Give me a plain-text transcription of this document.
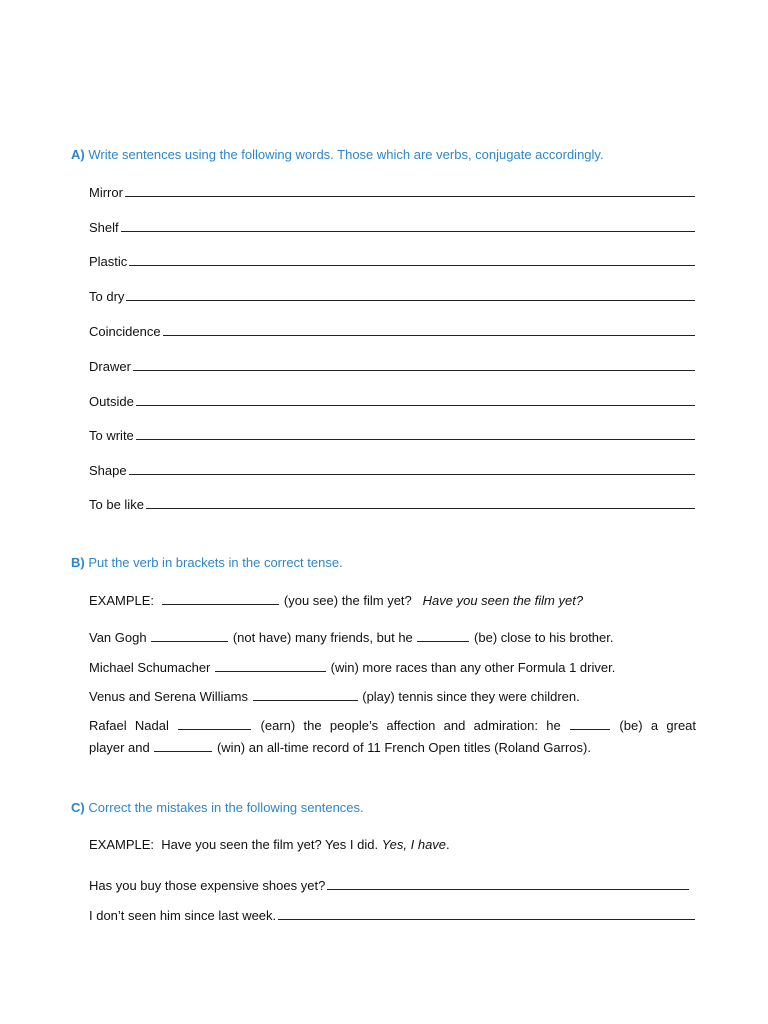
A) Write sentences using the following words. Those which are verbs, conjugate accordingly.
Mirror
Shelf
Plastic
To dry
Coincidence
Drawer
Outside
To write
Shape
To be like
B) Put the verb in brackets in the correct tense.
EXAMPLE:	(you see) the film yet? Have you seen the film yet?
Van Gogh	(not have) many friends, but he	(be) close to his brother.
Michael Schumacher	(win) more races than any other Formula 1 driver.
Venus and Serena Williams	(play) tennis since they were children.
Rafael Nadal	(earn) the people’s affection and admiration: he	(be) a great
player and	(win) an all-time record of 11 French Open titles (Roland Garros).
C) Correct the mistakes in the following sentences.
EXAMPLE: Have you seen the film yet? Yes I did. Yes, I have.
Has you buy those expensive shoes yet?
I don’t seen him since last week.
